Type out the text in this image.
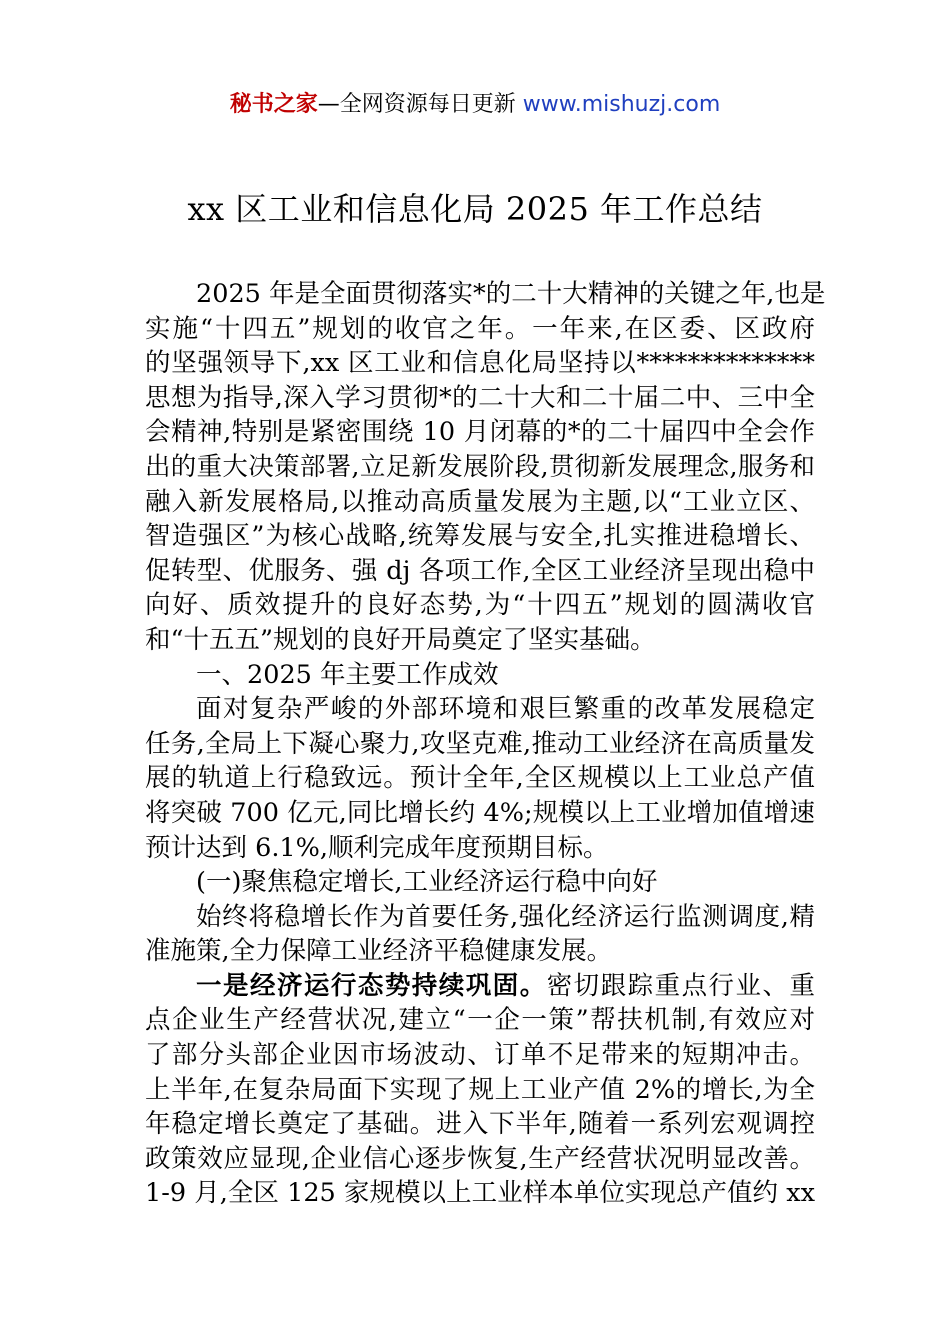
秘书之家—全网资源每日更新 www.mishuzj.com
xx 区工业和信息化局 2025 年工作总结
2025 年是全面贯彻落实*的二十大精神的关键之年,也是
实施“十四五”规划的收官之年。一年来,在区委、区政府
的坚强领导下,xx 区工业和信息化局坚持以**************
思想为指导,深入学习贯彻*的二十大和二十届二中、三中全
会精神,特别是紧密围绕 10 月闭幕的*的二十届四中全会作
出的重大决策部署,立足新发展阶段,贯彻新发展理念,服务和
融入新发展格局,以推动高质量发展为主题,以“工业立区、
智造强区”为核心战略,统筹发展与安全,扎实推进稳增长、
促转型、优服务、强 dj 各项工作,全区工业经济呈现出稳中
向好、质效提升的良好态势,为“十四五”规划的圆满收官
和“十五五”规划的良好开局奠定了坚实基础。
一、2025 年主要工作成效
面对复杂严峻的外部环境和艰巨繁重的改革发展稳定
任务,全局上下凝心聚力,攻坚克难,推动工业经济在高质量发
展的轨道上行稳致远。预计全年,全区规模以上工业总产值
将突破 700 亿元,同比增长约 4%;规模以上工业增加值增速
预计达到 6.1%,顺利完成年度预期目标。
(一)聚焦稳定增长,工业经济运行稳中向好
始终将稳增长作为首要任务,强化经济运行监测调度,精
准施策,全力保障工业经济平稳健康发展。
一是经济运行态势持续巩固。密切跟踪重点行业、重
点企业生产经营状况,建立“一企一策”帮扶机制,有效应对
了部分头部企业因市场波动、订单不足带来的短期冲击。
上半年,在复杂局面下实现了规上工业产值 2%的增长,为全
年稳定增长奠定了基础。进入下半年,随着一系列宏观调控
政策效应显现,企业信心逐步恢复,生产经营状况明显改善。
1-9 月,全区 125 家规模以上工业样本单位实现总产值约 xx
